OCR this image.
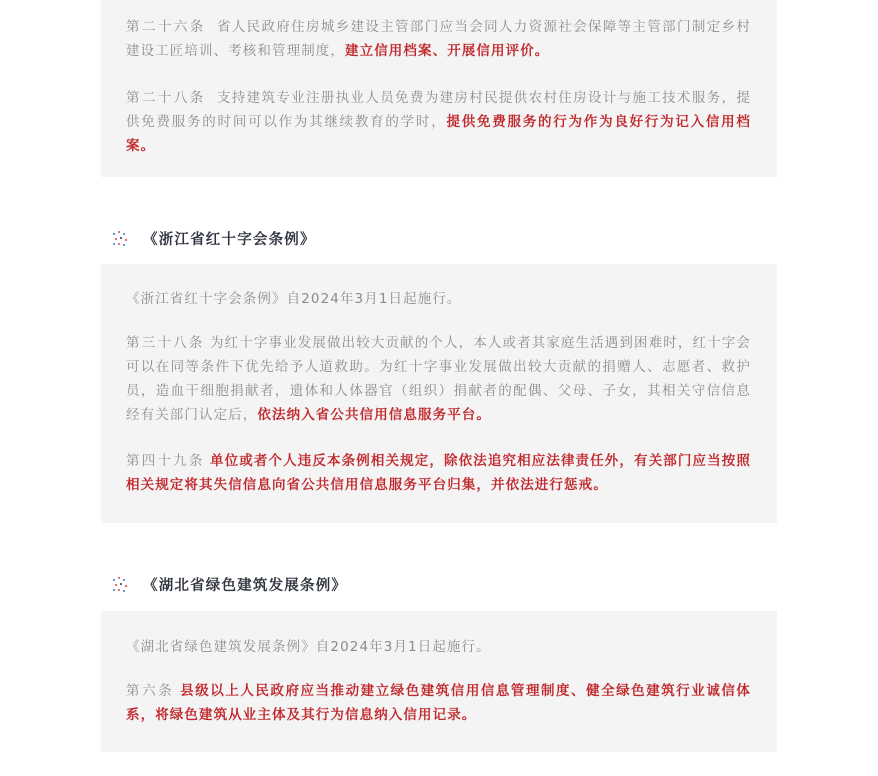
第二十六条 省人民政府住房城乡建设主管部门应当会同人力资源社会保障等主管部门制定乡村建设工匠培训、考核和管理制度，建立信用档案、开展信用评价。

第二十八条 支持建筑专业注册执业人员免费为建房村民提供农村住房设计与施工技术服务，提供免费服务的时间可以作为其继续教育的学时，提供免费服务的行为作为良好行为记入信用档案。

《浙江省红十字会条例》

《浙江省红十字会条例》自2024年3月1日起施行。

第三十八条 为红十字事业发展做出较大贡献的个人，本人或者其家庭生活遇到困难时，红十字会可以在同等条件下优先给予人道救助。为红十字事业发展做出较大贡献的捐赠人、志愿者、救护员，造血干细胞捐献者，遗体和人体器官（组织）捐献者的配偶、父母、子女，其相关守信信息经有关部门认定后，依法纳入省公共信用信息服务平台。

第四十九条 单位或者个人违反本条例相关规定，除依法追究相应法律责任外，有关部门应当按照相关规定将其失信信息向省公共信用信息服务平台归集，并依法进行惩戒。

《湖北省绿色建筑发展条例》

《湖北省绿色建筑发展条例》自2024年3月1日起施行。

第六条 县级以上人民政府应当推动建立绿色建筑信用信息管理制度、健全绿色建筑行业诚信体系，将绿色建筑从业主体及其行为信息纳入信用记录。
